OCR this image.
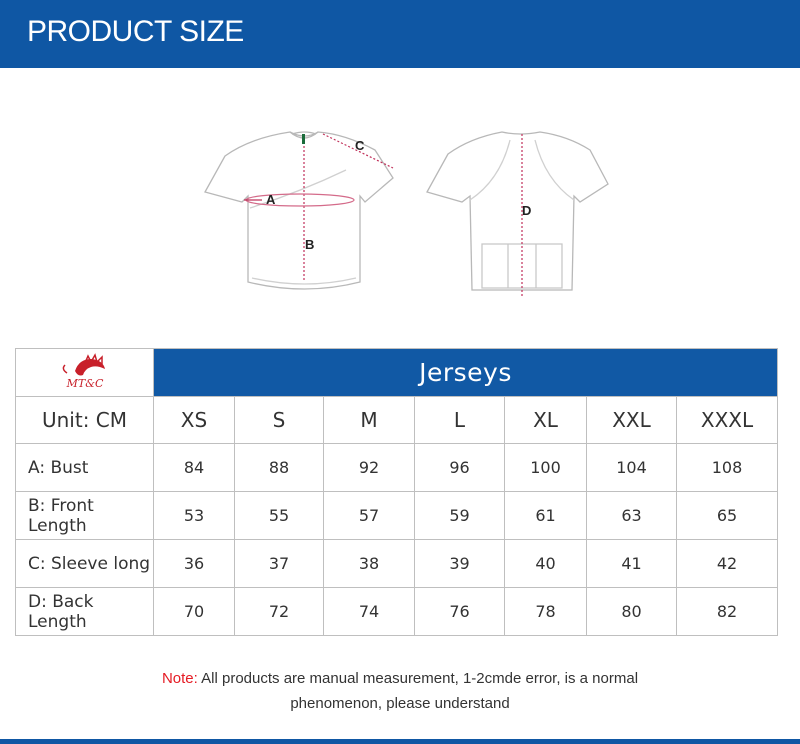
PRODUCT SIZE
A
B
C
D
MT&C	Jerseys						
Unit: CM	XS	S	M	L	XL	XXL	XXXL
A: Bust	84	88	92	96	100	104	108
B: Front Length	53	55	57	59	61	63	65
C: Sleeve long	36	37	38	39	40	41	42
D: Back Length	70	72	74	76	78	80	82
Note: All products are manual measurement, 1-2cmde error, is a normal
phenomenon, please understand
